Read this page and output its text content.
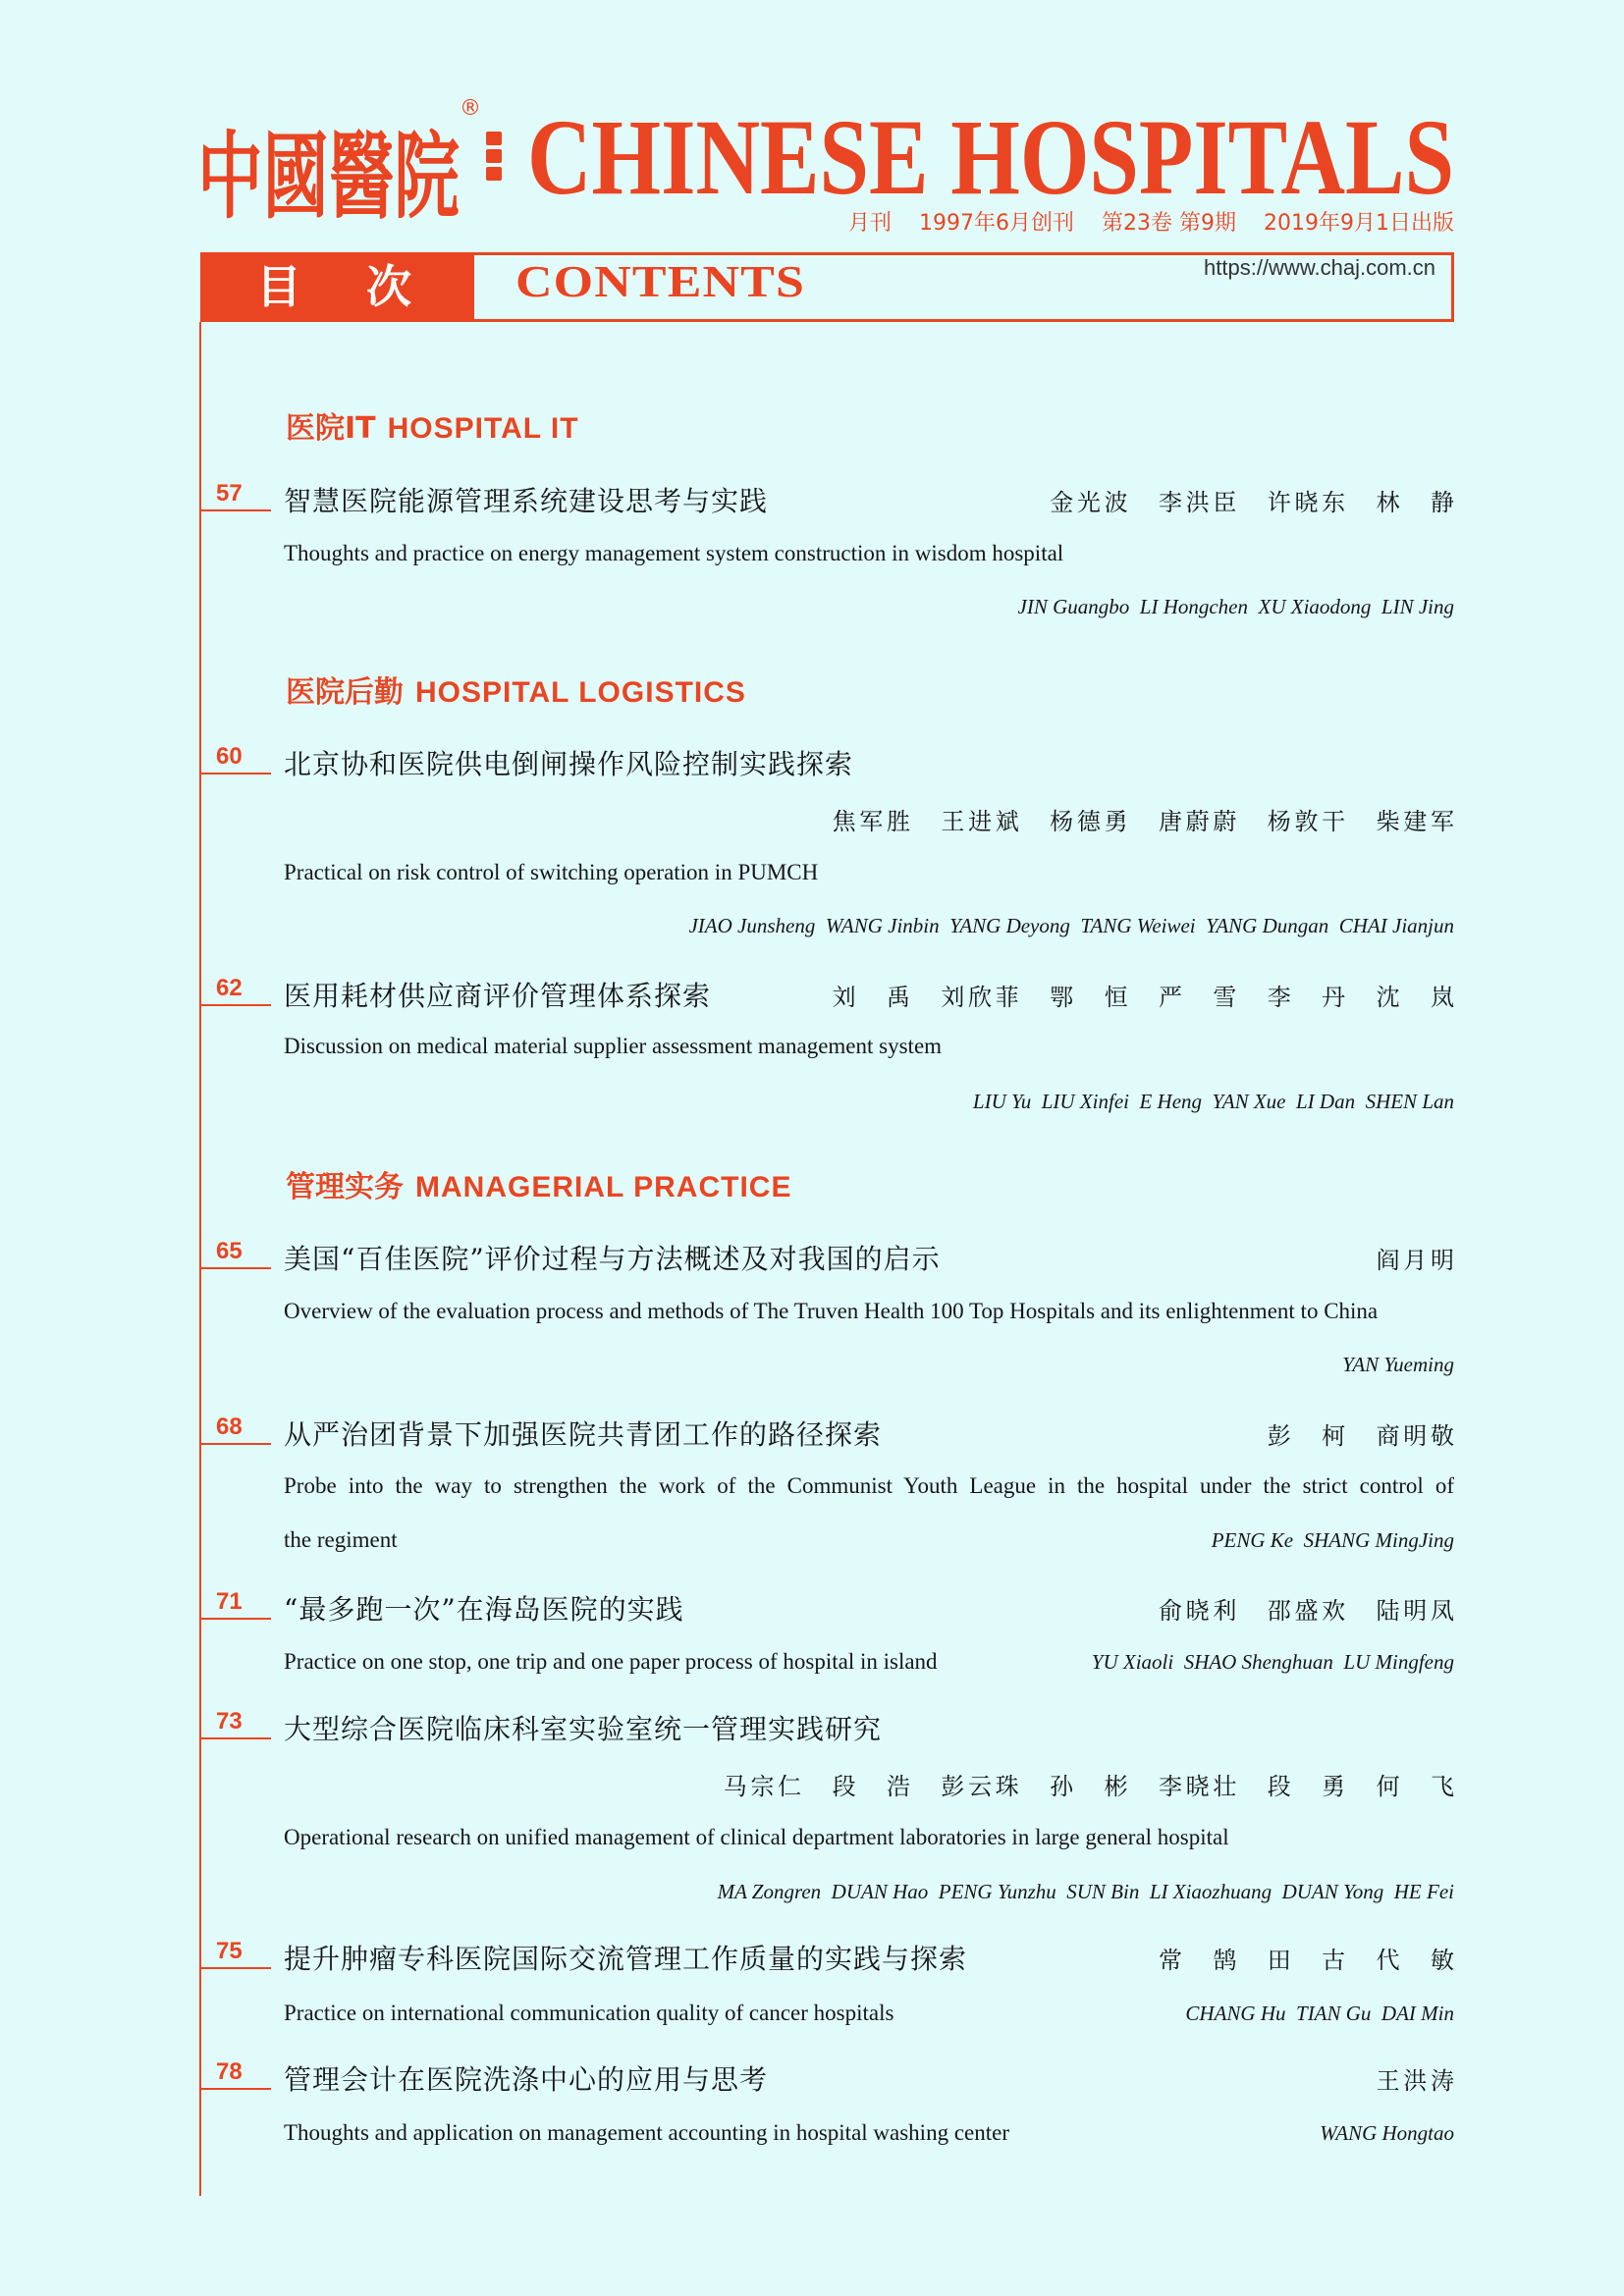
中國醫院
® CHINESE HOSPITALS
月刊 1997年6月创刊 第23卷 第9期 2019年9月1日出版
目　次	CONTENTS	https://www.chaj.com.cn
医院IT HOSPITAL IT
57	智慧医院能源管理系统建设思考与实践	金光波　李洪臣　许晓东　林　静
Thoughts and practice on energy management system construction in wisdom hospital
JIN Guangbo  LI Hongchen  XU Xiaodong  LIN Jing
医院后勤 HOSPITAL LOGISTICS
60	北京协和医院供电倒闸操作风险控制实践探索
焦军胜　王进斌　杨德勇　唐蔚蔚　杨敦干　柴建军
Practical on risk control of switching operation in PUMCH
JIAO Junsheng  WANG Jinbin  YANG Deyong  TANG Weiwei  YANG Dungan  CHAI Jianjun
62	医用耗材供应商评价管理体系探索	刘　禹　刘欣菲　鄂　恒　严　雪　李　丹　沈　岚
Discussion on medical material supplier assessment management system
LIU Yu  LIU Xinfei  E Heng  YAN Xue  LI Dan  SHEN Lan
管理实务 MANAGERIAL PRACTICE
65	美国“百佳医院”评价过程与方法概述及对我国的启示	阎月明
Overview of the evaluation process and methods of The Truven Health 100 Top Hospitals and its enlightenment to China
YAN Yueming
68	从严治团背景下加强医院共青团工作的路径探索	彭　柯　商明敬
Probe into the way to strengthen the work of the Communist Youth League in the hospital under the strict control of
the regiment	PENG Ke  SHANG MingJing
71	“最多跑一次”在海岛医院的实践	俞晓利　邵盛欢　陆明凤
Practice on one stop, one trip and one paper process of hospital in island	YU Xiaoli  SHAO Shenghuan  LU Mingfeng
73	大型综合医院临床科室实验室统一管理实践研究
马宗仁　段　浩　彭云珠　孙　彬　李晓壮　段　勇　何　飞
Operational research on unified management of clinical department laboratories in large general hospital
MA Zongren  DUAN Hao  PENG Yunzhu  SUN Bin  LI Xiaozhuang  DUAN Yong  HE Fei
75	提升肿瘤专科医院国际交流管理工作质量的实践与探索	常　鹄　田　古　代　敏
Practice on international communication quality of cancer hospitals	CHANG Hu  TIAN Gu  DAI Min
78	管理会计在医院洗涤中心的应用与思考	王洪涛
Thoughts and application on management accounting in hospital washing center	WANG Hongtao
